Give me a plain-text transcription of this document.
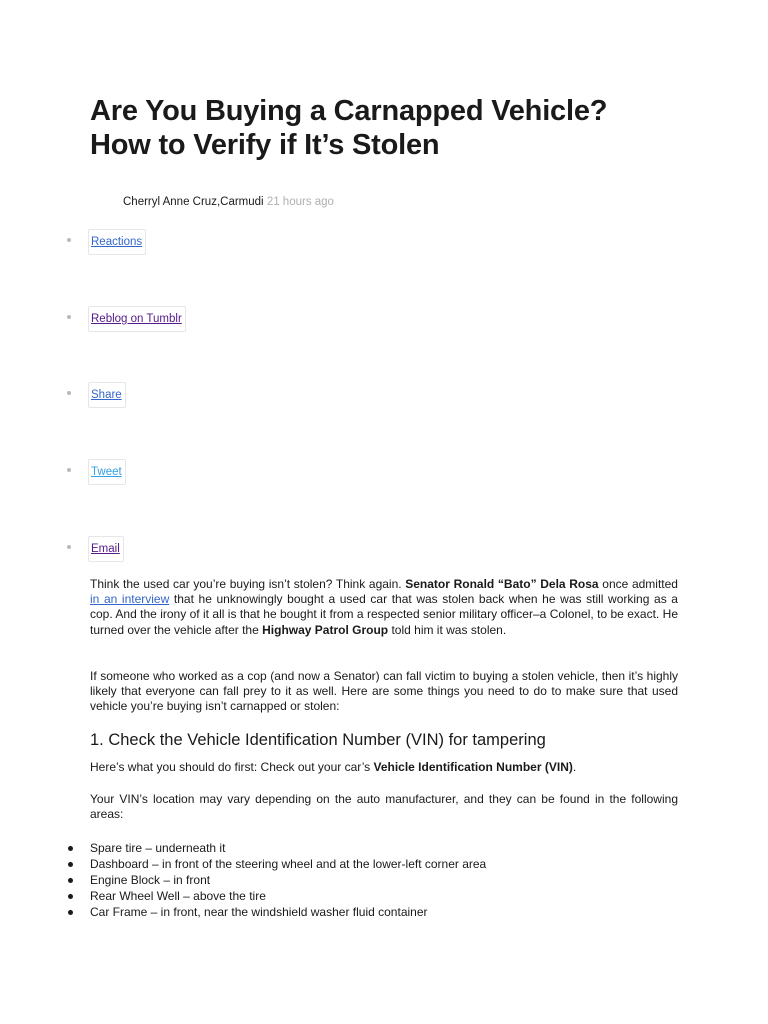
Are You Buying a Carnapped Vehicle?
How to Verify if It’s Stolen
Cherryl Anne Cruz,Carmudi 21 hours ago
Reactions
Reblog on Tumblr
Share
Tweet
Email

Think the used car you’re buying isn’t stolen? Think again. Senator Ronald “Bato” Dela Rosa once admitted in an interview that he unknowingly bought a used car that was stolen back when he was still working as a cop. And the irony of it all is that he bought it from a respected senior military officer–a Colonel, to be exact. He turned over the vehicle after the Highway Patrol Group told him it was stolen.

If someone who worked as a cop (and now a Senator) can fall victim to buying a stolen vehicle, then it’s highly likely that everyone can fall prey to it as well. Here are some things you need to do to make sure that used vehicle you’re buying isn’t carnapped or stolen:

1. Check the Vehicle Identification Number (VIN) for tampering

Here’s what you should do first: Check out your car’s Vehicle Identification Number (VIN).

Your VIN’s location may vary depending on the auto manufacturer, and they can be found in the following areas:

Spare tire – underneath it
Dashboard – in front of the steering wheel and at the lower-left corner area
Engine Block – in front
Rear Wheel Well – above the tire
Car Frame – in front, near the windshield washer fluid container
